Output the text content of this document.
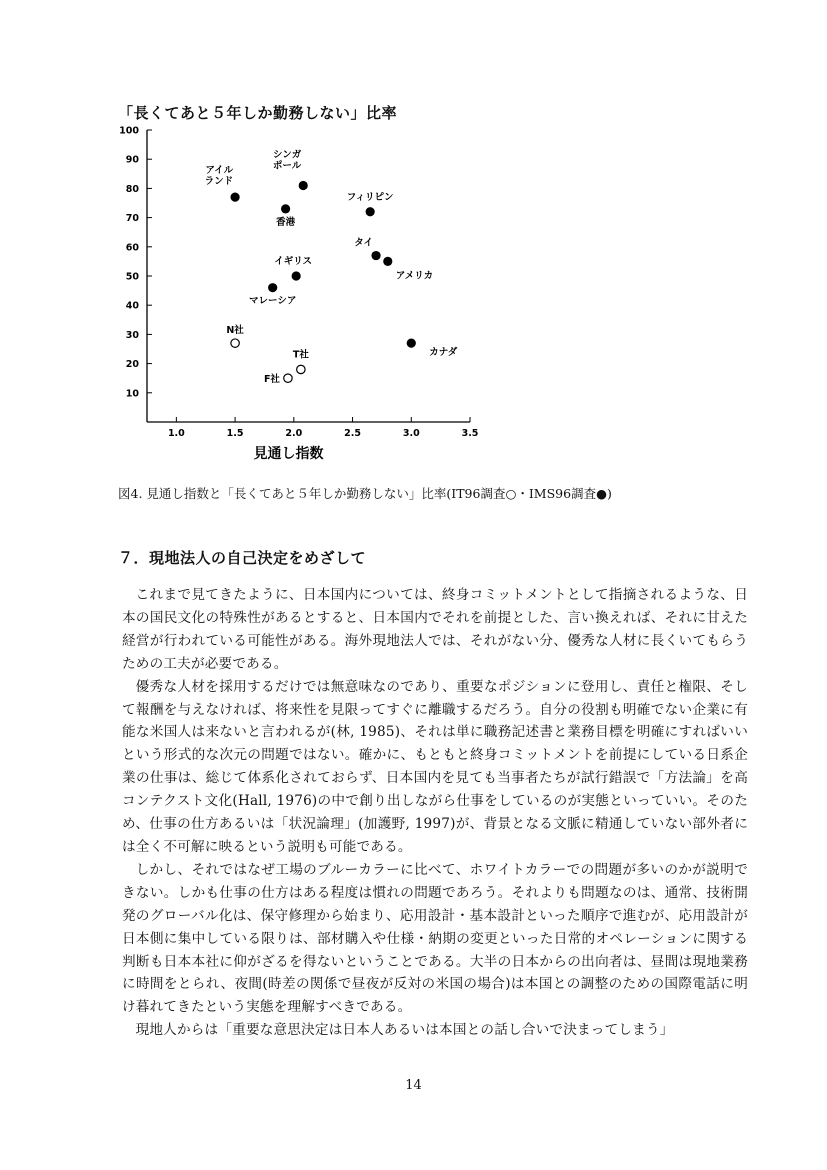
「長くてあと５年しか勤務しない」比率
10
20
30
40
50
60
70
80
90
100
1.0	1.5	2.0	2.5	3.0	3.5
見通し指数
アイルランド
シンガポール
香港
フィリピン
タイ
アメリカ
イギリス
マレーシア
カナダ
N社
T社
F社
図4. 見通し指数と「長くてあと５年しか勤務しない」比率(IT96調査○・IMS96調査●)
７．現地法人の自己決定をめざして

これまで見てきたように、日本国内については、終身コミットメントとして指摘されるような、日本の国民文化の特殊性があるとすると、日本国内でそれを前提とした、言い換えれば、それに甘えた経営が行われている可能性がある。海外現地法人では、それがない分、優秀な人材に長くいてもらうための工夫が必要である。

優秀な人材を採用するだけでは無意味なのであり、重要なポジションに登用し、責任と権限、そして報酬を与えなければ、将来性を見限ってすぐに離職するだろう。自分の役割も明確でない企業に有能な米国人は来ないと言われるが(林, 1985)、それは単に職務記述書と業務目標を明確にすればいいという形式的な次元の問題ではない。確かに、もともと終身コミットメントを前提にしている日系企業の仕事は、総じて体系化されておらず、日本国内を見ても当事者たちが試行錯誤で「方法論」を高コンテクスト文化(Hall, 1976)の中で創り出しながら仕事をしているのが実態といっていい。そのため、仕事の仕方あるいは「状況論理」(加護野, 1997)が、背景となる文脈に精通していない部外者には全く不可解に映るという説明も可能である。

しかし、それではなぜ工場のブルーカラーに比べて、ホワイトカラーでの問題が多いのかが説明できない。しかも仕事の仕方はある程度は慣れの問題であろう。それよりも問題なのは、通常、技術開発のグローバル化は、保守修理から始まり、応用設計・基本設計といった順序で進むが、応用設計が日本側に集中している限りは、部材購入や仕様・納期の変更といった日常的オペレーションに関する判断も日本本社に仰がざるを得ないということである。大半の日本からの出向者は、昼間は現地業務に時間をとられ、夜間(時差の関係で昼夜が反対の米国の場合)は本国との調整のための国際電話に明け暮れてきたという実態を理解すべきである。

現地人からは「重要な意思決定は日本人あるいは本国との話し合いで決まってしまう」

14
